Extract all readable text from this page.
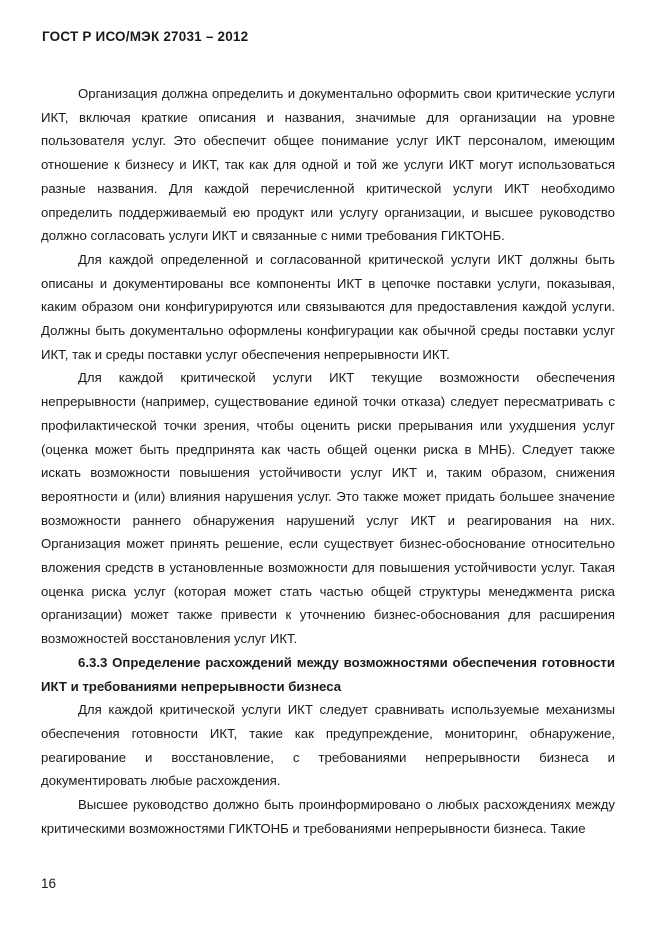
ГОСТ Р ИСО/МЭК 27031 – 2012

Организация должна определить и документально оформить свои критические услуги ИКТ, включая краткие описания и названия, значимые для организации на уровне пользователя услуг. Это обеспечит общее понимание услуг ИКТ персоналом, имеющим отношение к бизнесу и ИКТ, так как для одной и той же услуги ИКТ могут использоваться разные названия. Для каждой перечисленной критической услуги ИКТ необходимо определить поддерживаемый ею продукт или услугу организации, и высшее руководство должно согласовать услуги ИКТ и связанные с ними требования ГИКТОНБ.

Для каждой определенной и согласованной критической услуги ИКТ должны быть описаны и документированы все компоненты ИКТ в цепочке поставки услуги, показывая, каким образом они конфигурируются или связываются для предоставления каждой услуги. Должны быть документально оформлены конфигурации как обычной среды поставки услуг ИКТ, так и среды поставки услуг обеспечения непрерывности ИКТ.

Для каждой критической услуги ИКТ текущие возможности обеспечения непрерывности (например, существование единой точки отказа) следует пересматривать с профилактической точки зрения, чтобы оценить риски прерывания или ухудшения услуг (оценка может быть предпринята как часть общей оценки риска в МНБ). Следует также искать возможности повышения устойчивости услуг ИКТ и, таким образом, снижения вероятности и (или) влияния нарушения услуг. Это также может придать большее значение возможности раннего обнаружения нарушений услуг ИКТ и реагирования на них. Организация может принять решение, если существует бизнес-обоснование относительно вложения средств в установленные возможности для повышения устойчивости услуг. Такая оценка риска услуг (которая может стать частью общей структуры менеджмента риска организации) может также привести к уточнению бизнес-обоснования для расширения возможностей восстановления услуг ИКТ.

6.3.3 Определение расхождений между возможностями обеспечения готовности ИКТ и требованиями непрерывности бизнеса

Для каждой критической услуги ИКТ следует сравнивать используемые механизмы обеспечения готовности ИКТ, такие как предупреждение, мониторинг, обнаружение, реагирование и восстановление, с требованиями непрерывности бизнеса и документировать любые расхождения.

Высшее руководство должно быть проинформировано о любых расхождениях между критическими возможностями ГИКТОНБ и требованиями непрерывности бизнеса. Такие

16
